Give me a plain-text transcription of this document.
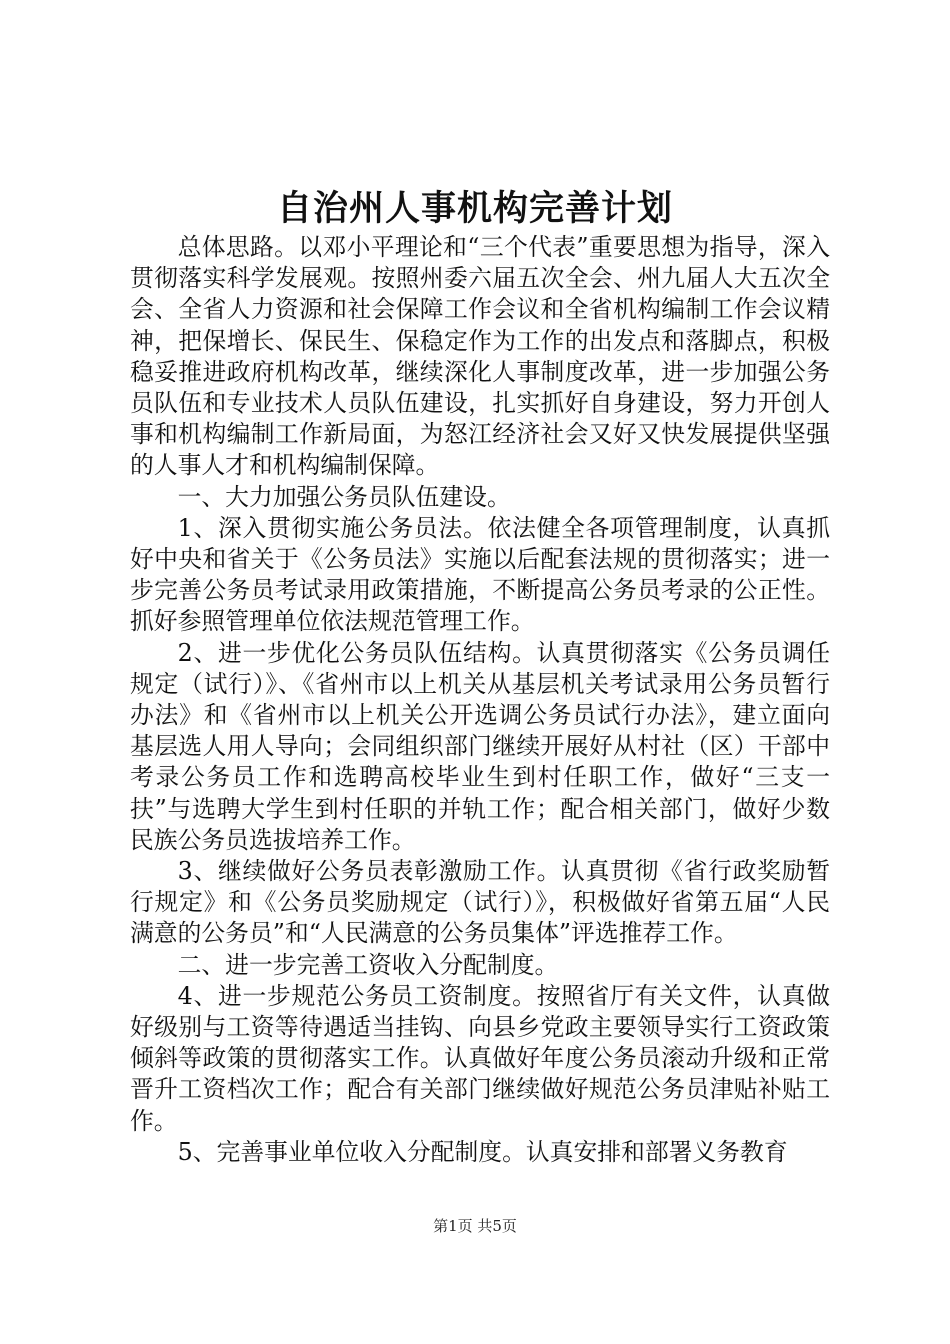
自治州人事机构完善计划

总体思路。以邓小平理论和“三个代表”重要思想为指导，深入贯彻落实科学发展观。按照州委六届五次全会、州九届人大五次全会、全省人力资源和社会保障工作会议和全省机构编制工作会议精神，把保增长、保民生、保稳定作为工作的出发点和落脚点，积极稳妥推进政府机构改革，继续深化人事制度改革，进一步加强公务员队伍和专业技术人员队伍建设，扎实抓好自身建设，努力开创人事和机构编制工作新局面，为怒江经济社会又好又快发展提供坚强的人事人才和机构编制保障。

一、大力加强公务员队伍建设。

1、深入贯彻实施公务员法。依法健全各项管理制度，认真抓好中央和省关于《公务员法》实施以后配套法规的贯彻落实；进一步完善公务员考试录用政策措施，不断提高公务员考录的公正性。抓好参照管理单位依法规范管理工作。

2、进一步优化公务员队伍结构。认真贯彻落实《公务员调任规定（试行）》、《省州市以上机关从基层机关考试录用公务员暂行办法》和《省州市以上机关公开选调公务员试行办法》，建立面向基层选人用人导向；会同组织部门继续开展好从村社（区）干部中考录公务员工作和选聘高校毕业生到村任职工作，做好“三支一扶”与选聘大学生到村任职的并轨工作；配合相关部门，做好少数民族公务员选拔培养工作。

3、继续做好公务员表彰激励工作。认真贯彻《省行政奖励暂行规定》和《公务员奖励规定（试行）》，积极做好省第五届“人民满意的公务员”和“人民满意的公务员集体”评选推荐工作。

二、进一步完善工资收入分配制度。

4、进一步规范公务员工资制度。按照省厅有关文件，认真做好级别与工资等待遇适当挂钩、向县乡党政主要领导实行工资政策倾斜等政策的贯彻落实工作。认真做好年度公务员滚动升级和正常晋升工资档次工作；配合有关部门继续做好规范公务员津贴补贴工作。

5、完善事业单位收入分配制度。认真安排和部署义务教育

第1页 共5页
